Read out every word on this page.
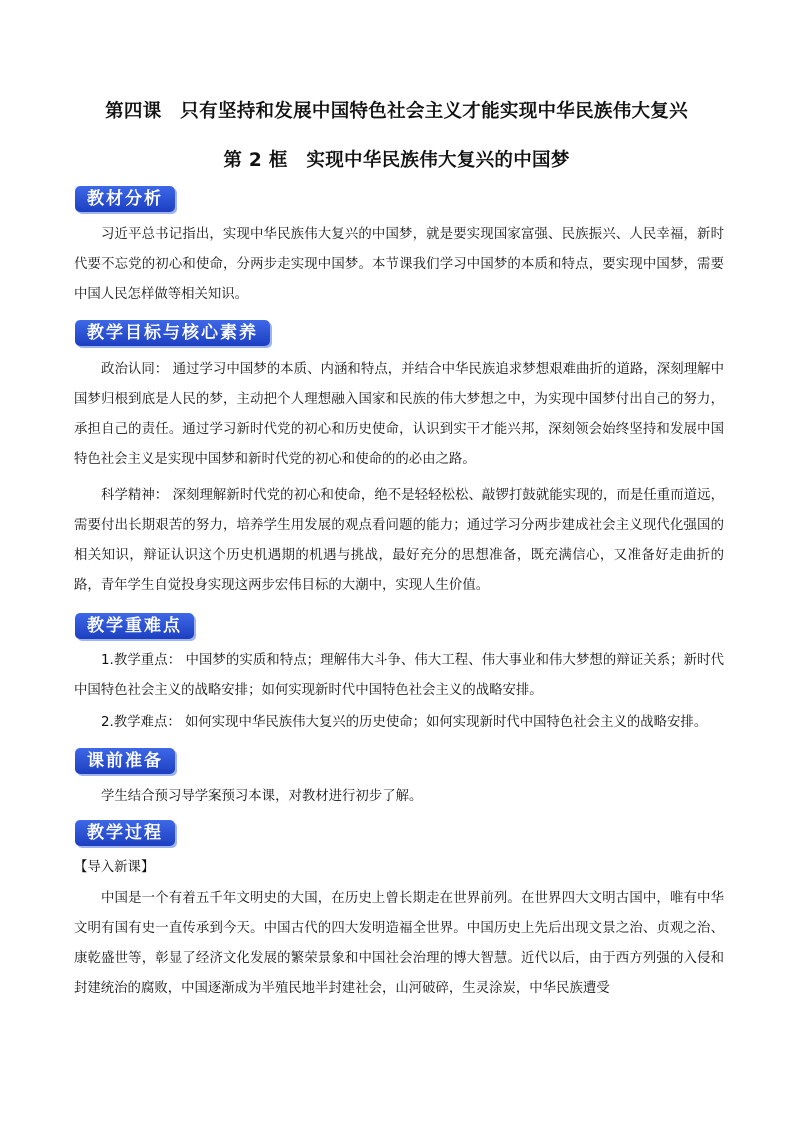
第四课　只有坚持和发展中国特色社会主义才能实现中华民族伟大复兴
第 2 框　实现中华民族伟大复兴的中国梦
教材分析
习近平总书记指出，实现中华民族伟大复兴的中国梦，就是要实现国家富强、民族振兴、人民幸福，新时代要不忘党的初心和使命，分两步走实现中国梦。本节课我们学习中国梦的本质和特点，要实现中国梦，需要中国人民怎样做等相关知识。
教学目标与核心素养
政治认同： 通过学习中国梦的本质、内涵和特点，并结合中华民族追求梦想艰难曲折的道路，深刻理解中国梦归根到底是人民的梦，主动把个人理想融入国家和民族的伟大梦想之中，为实现中国梦付出自己的努力，承担自己的责任。通过学习新时代党的初心和历史使命，认识到实干才能兴邦，深刻领会始终坚持和发展中国特色社会主义是实现中国梦和新时代党的初心和使命的的必由之路。
科学精神： 深刻理解新时代党的初心和使命，绝不是轻轻松松、敲锣打鼓就能实现的，而是任重而道远，需要付出长期艰苦的努力，培养学生用发展的观点看问题的能力；通过学习分两步建成社会主义现代化强国的相关知识，辩证认识这个历史机遇期的机遇与挑战，最好充分的思想准备，既充满信心，又准备好走曲折的路，青年学生自觉投身实现这两步宏伟目标的大潮中，实现人生价值。
教学重难点
1.教学重点： 中国梦的实质和特点；理解伟大斗争、伟大工程、伟大事业和伟大梦想的辩证关系；新时代中国特色社会主义的战略安排；如何实现新时代中国特色社会主义的战略安排。
2.教学难点： 如何实现中华民族伟大复兴的历史使命；如何实现新时代中国特色社会主义的战略安排。
课前准备
学生结合预习导学案预习本课，对教材进行初步了解。
教学过程
【导入新课】
中国是一个有着五千年文明史的大国，在历史上曾长期走在世界前列。在世界四大文明古国中，唯有中华文明有国有史一直传承到今天。中国古代的四大发明造福全世界。中国历史上先后出现文景之治、贞观之治、康乾盛世等，彰显了经济文化发展的繁荣景象和中国社会治理的博大智慧。近代以后，由于西方列强的入侵和封建统治的腐败，中国逐渐成为半殖民地半封建社会，山河破碎，生灵涂炭，中华民族遭受
